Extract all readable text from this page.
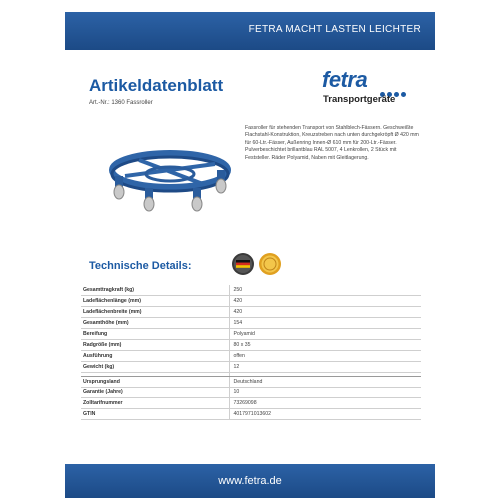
FETRA MACHT LASTEN LEICHTER
Artikeldatenblatt
Art.-Nr.: 1360 Fassroller
fetra
Transportgeräte
Fassroller für stehenden Transport von Stahlblech-Fässern. Geschweißte Flachstahl-Konstruktion, Kreuzstreben nach unten durchgekröpft Ø 420 mm für 60-Ltr.-Fässer, Außenring Innen-Ø 610 mm für 200-Ltr.-Fässer. Pulverbeschichtet brillantblau RAL 5007, 4 Lenkrollen, 2 Stück mit Feststeller. Räder Polyamid, Naben mit Gleitlagerung.
Technische Details:
Gesamttragkraft (kg)	250
Ladeflächenlänge (mm)	420
Ladeflächenbreite (mm)	420
Gesamthöhe (mm)	154
Bereifung	Polyamid
Radgröße (mm)	80 x 35
Ausführung	offen
Gewicht (kg)	12

Ursprungsland	Deutschland
Garantie (Jahre)	10
Zolltarifnummer	73269098
GTIN	4017971013602
www.fetra.de
